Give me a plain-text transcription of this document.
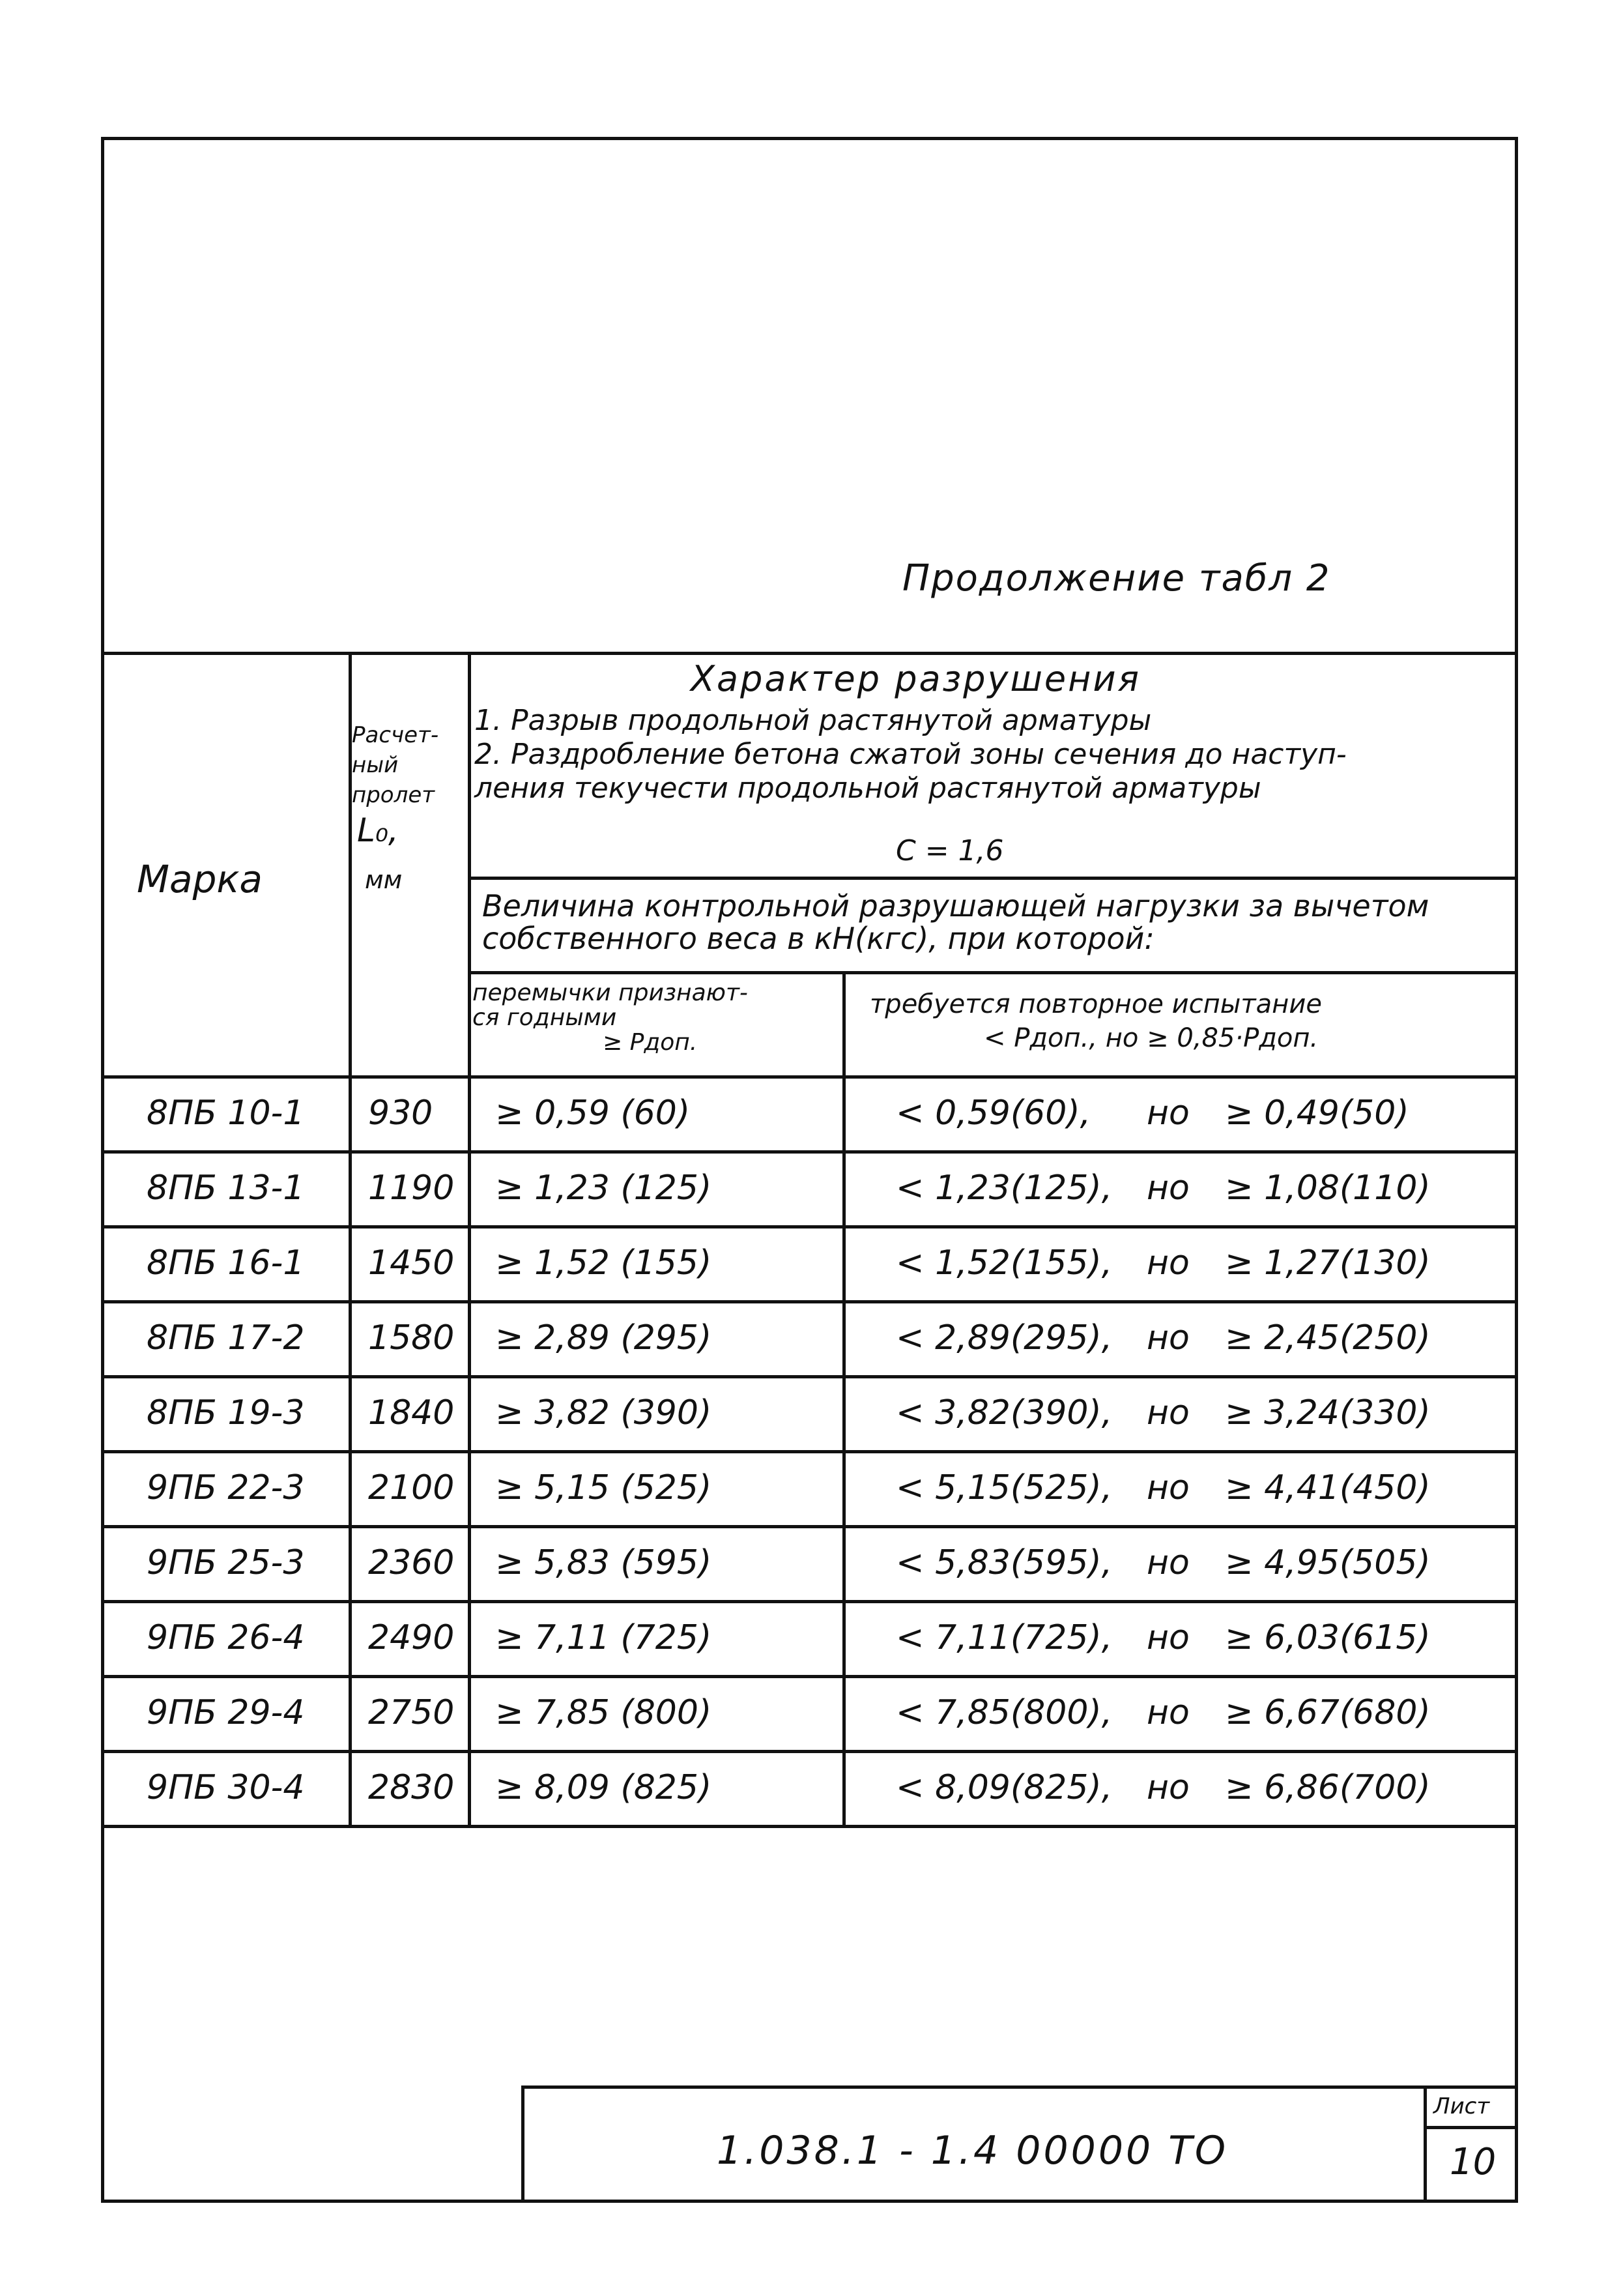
Продолжение табл 2
Марка
Расчет-
ный
пролет
L₀,
мм
Характер разрушения
1. Разрыв продольной растянутой арматуры
2. Раздробление бетона сжатой зоны сечения до наступ-
ления текучести продольной растянутой арматуры
C = 1,6
Величина контрольной разрушающей нагрузки за вычетом
собственного веса в кН(кгс), при которой:
перемычки признают-
ся годными
≥ Pдоп.
требуется повторное испытание
< Pдоп., но ≥ 0,85·Pдоп.
8ПБ 10-1 930 ≥ 0,59 (60)	< 0,59(60), но ≥ 0,49(50)
8ПБ 13-1 1190 ≥ 1,23 (125)	< 1,23(125), но ≥ 1,08(110)
8ПБ 16-1 1450 ≥ 1,52 (155)	< 1,52(155), но ≥ 1,27(130)
8ПБ 17-2 1580 ≥ 2,89 (295)	< 2,89(295), но ≥ 2,45(250)
8ПБ 19-3 1840 ≥ 3,82 (390)	< 3,82(390), но ≥ 3,24(330)
9ПБ 22-3 2100 ≥ 5,15 (525)	< 5,15(525), но ≥ 4,41(450)
9ПБ 25-3 2360 ≥ 5,83 (595)	< 5,83(595), но ≥ 4,95(505)
9ПБ 26-4 2490 ≥ 7,11 (725)	< 7,11(725), но ≥ 6,03(615)
9ПБ 29-4 2750 ≥ 7,85 (800)	< 7,85(800), но ≥ 6,67(680)
9ПБ 30-4 2830 ≥ 8,09 (825)	< 8,09(825), но ≥ 6,86(700)
1.038.1 - 1.4 00000 ТО
Лист
10
